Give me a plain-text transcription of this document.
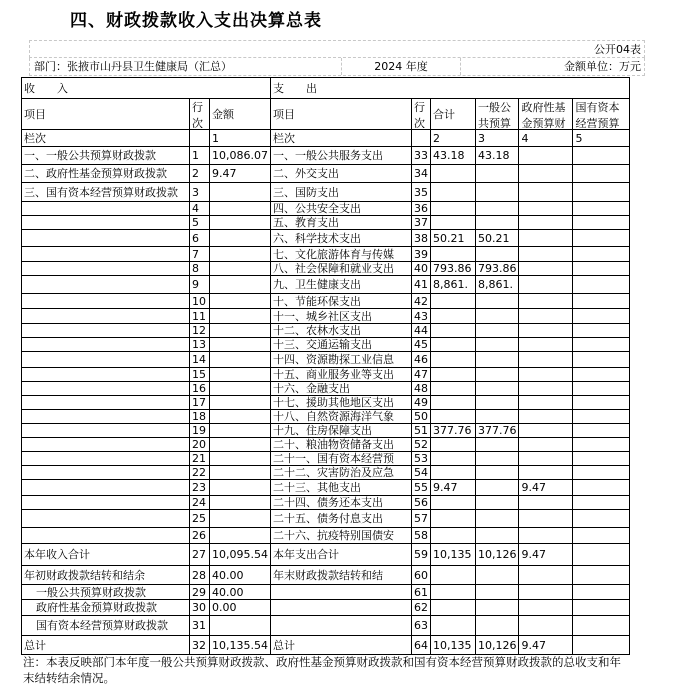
四、财政拨款收入支出决算总表
公开04表
部门：张掖市山丹县卫生健康局（汇总）	2024 年度	金额单位：万元
收　　入			支　　出					
项目	行次	金额	项目	行次	合计	一般公共预算	政府性基金预算财	国有资本经营预算

栏次		1	栏次		2	3	4	5
一、一般公共预算财政拨款	1	10,086.07	一、一般公共服务支出	33	43.18	43.18		
二、政府性基金预算财政拨款	2	9.47	二、外交支出	34				
三、国有资本经营预算财政拨款	3		三、国防支出	35				
	4		四、公共安全支出	36				
	5		五、教育支出	37				
	6		六、科学技术支出	38	50.21	50.21		
	7		七、文化旅游体育与传媒	39				
	8		八、社会保障和就业支出	40	793.86	793.86		
	9		九、卫生健康支出	41	8,861.	8,861.		
	10		十、节能环保支出	42				
	11		十一、城乡社区支出	43				
	12		十二、农林水支出	44				
	13		十三、交通运输支出	45				
	14		十四、资源勘探工业信息	46				
	15		十五、商业服务业等支出	47				
	16		十六、金融支出	48				
	17		十七、援助其他地区支出	49				
	18		十八、自然资源海洋气象	50				
	19		十九、住房保障支出	51	377.76	377.76		
	20		二十、粮油物资储备支出	52				
	21		二十一、国有资本经营预	53				
	22		二十二、灾害防治及应急	54				
	23		二十三、其他支出	55	9.47		9.47	
	24		二十四、债务还本支出	56				
	25		二十五、债务付息支出	57				
	26		二十六、抗疫特别国债安	58				
本年收入合计	27	10,095.54	本年支出合计	59	10,135	10,126	9.47	
年初财政拨款结转和结余	28	40.00	年末财政拨款结转和结	60				
一般公共预算财政拨款	29	40.00		61				
政府性基金预算财政拨款	30	0.00		62				
国有资本经营预算财政拨款	31			63				
总计	32	10,135.54	总计	64	10,135	10,126	9.47	
注：本表反映部门本年度一般公共预算财政拨款、政府性基金预算财政拨款和国有资本经营预算财政拨款的总收支和年末结转结余情况。
